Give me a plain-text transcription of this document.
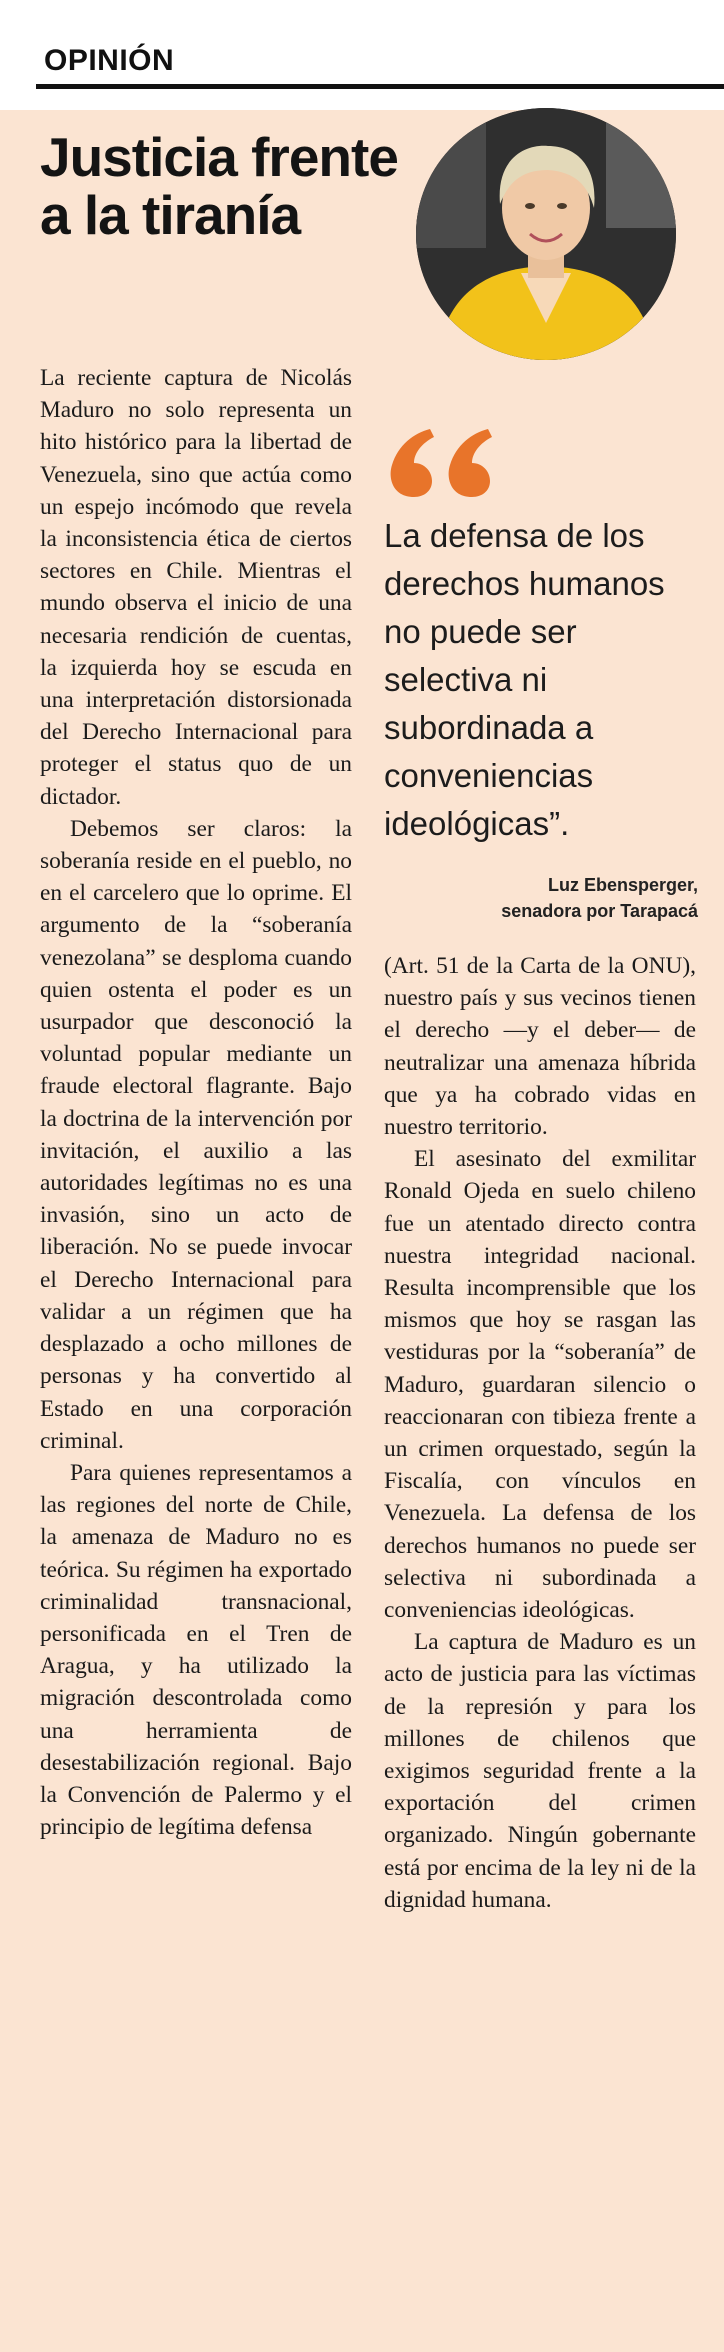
OPINIÓN
Justicia frente a la tiranía

La reciente captura de Nicolás Maduro no solo representa un hito histórico para la libertad de Venezuela, sino que actúa como un espejo incómodo que revela la inconsistencia ética de ciertos sectores en Chile. Mientras el mundo observa el inicio de una necesaria rendición de cuentas, la izquierda hoy se escuda en una interpretación distorsionada del Derecho Internacional para proteger el status quo de un dictador.

Debemos ser claros: la soberanía reside en el pueblo, no en el carcelero que lo oprime. El argumento de la “soberanía venezolana” se desploma cuando quien ostenta el poder es un usurpador que desconoció la voluntad popular mediante un fraude electoral flagrante. Bajo la doctrina de la intervención por invitación, el auxilio a las autoridades legítimas no es una invasión, sino un acto de liberación. No se puede invocar el Derecho Internacional para validar a un régimen que ha desplazado a ocho millones de personas y ha convertido al Estado en una corporación criminal.

Para quienes representamos a las regiones del norte de Chile, la amenaza de Maduro no es teórica. Su régimen ha exportado criminalidad transnacional, personificada en el Tren de Aragua, y ha utilizado la migración descontrolada como una herramienta de desestabilización regional. Bajo la Convención de Palermo y el principio de legítima defensa

La defensa de los derechos humanos no puede ser selectiva ni subordinada a conveniencias ideológicas”.

Luz Ebensperger,
senadora por Tarapacá

(Art. 51 de la Carta de la ONU), nuestro país y sus vecinos tienen el derecho —y el deber— de neutralizar una amenaza híbrida que ya ha cobrado vidas en nuestro territorio.

El asesinato del exmilitar Ronald Ojeda en suelo chileno fue un atentado directo contra nuestra integridad nacional. Resulta incomprensible que los mismos que hoy se rasgan las vestiduras por la “soberanía” de Maduro, guardaran silencio o reaccionaran con tibieza frente a un crimen orquestado, según la Fiscalía, con vínculos en Venezuela. La defensa de los derechos humanos no puede ser selectiva ni subordinada a conveniencias ideológicas.

La captura de Maduro es un acto de justicia para las víctimas de la represión y para los millones de chilenos que exigimos seguridad frente a la exportación del crimen organizado. Ningún gobernante está por encima de la ley ni de la dignidad humana.
